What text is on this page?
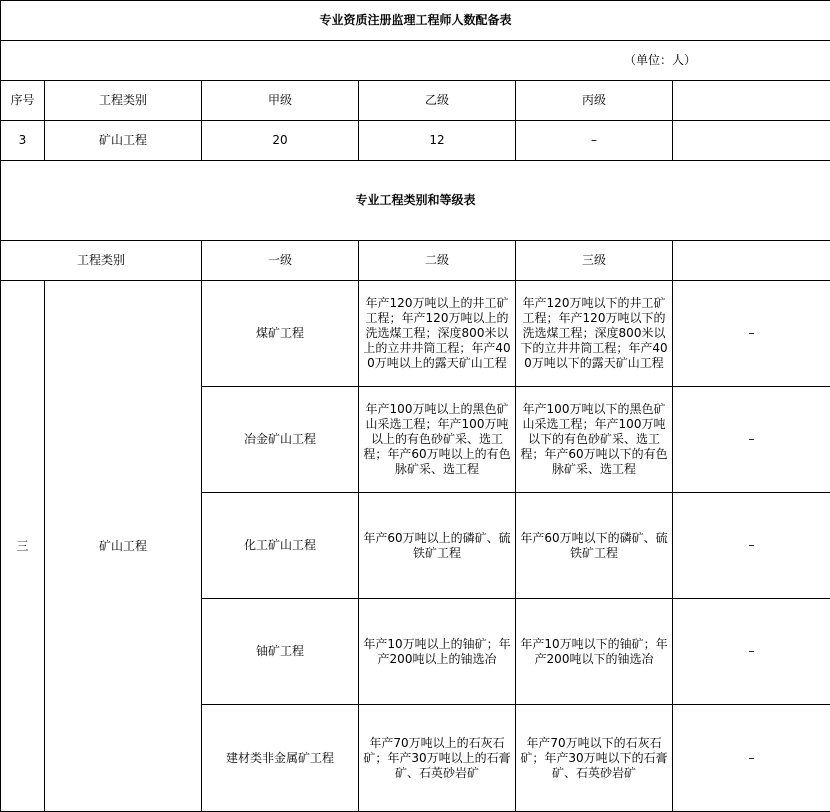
专业资质注册监理工程师人数配备表					
（单位：人）					
序号	工程类别	甲级	乙级	丙级	
3	矿山工程	20	12	–	
专业工程类别和等级表					
工程类别		一级	二级	三级	
三	矿山工程	煤矿工程	年产120万吨以上的井工矿工程；年产120万吨以上的洗选煤工程；深度800米以上的立井井筒工程；年产400万吨以上的露天矿山工程	年产120万吨以下的井工矿工程；年产120万吨以下的洗选煤工程；深度800米以下的立井井筒工程；年产400万吨以下的露天矿山工程	–
		冶金矿山工程	年产100万吨以上的黑色矿山采选工程；年产100万吨以上的有色砂矿采、选工程；年产60万吨以上的有色脉矿采、选工程	年产100万吨以下的黑色矿山采选工程；年产100万吨以下的有色砂矿采、选工程；年产60万吨以下的有色脉矿采、选工程	–
		化工矿山工程	年产60万吨以上的磷矿、硫铁矿工程	年产60万吨以下的磷矿、硫铁矿工程	–
		铀矿工程	年产10万吨以上的铀矿；年产200吨以上的铀选冶	年产10万吨以下的铀矿；年产200吨以下的铀选冶	–
		建材类非金属矿工程	年产70万吨以上的石灰石矿；年产30万吨以上的石膏矿、石英砂岩矿	年产70万吨以下的石灰石矿；年产30万吨以下的石膏矿、石英砂岩矿	–
